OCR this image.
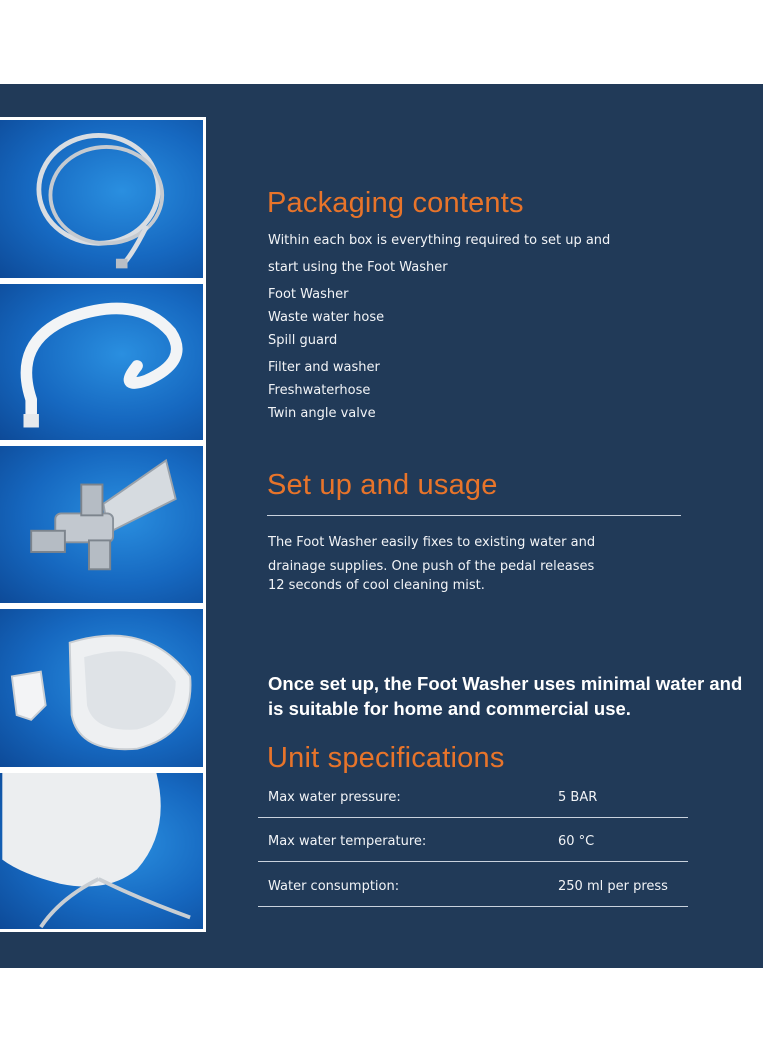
Packaging contents
Within each box is everything required to set up and
start using the Foot Washer
Foot Washer
Waste water hose
Spill guard
Filter and washer
Freshwaterhose
Twin angle valve
Set up and usage
The Foot Washer easily fixes to existing water and
drainage supplies. One push of the pedal releases
12 seconds of cool cleaning mist.
Once set up, the Foot Washer uses minimal water and is suitable for home and commercial use.
Unit specifications
Max water pressure:	5 BAR
Max water temperature:	60 °C
Water consumption:	250 ml per press
